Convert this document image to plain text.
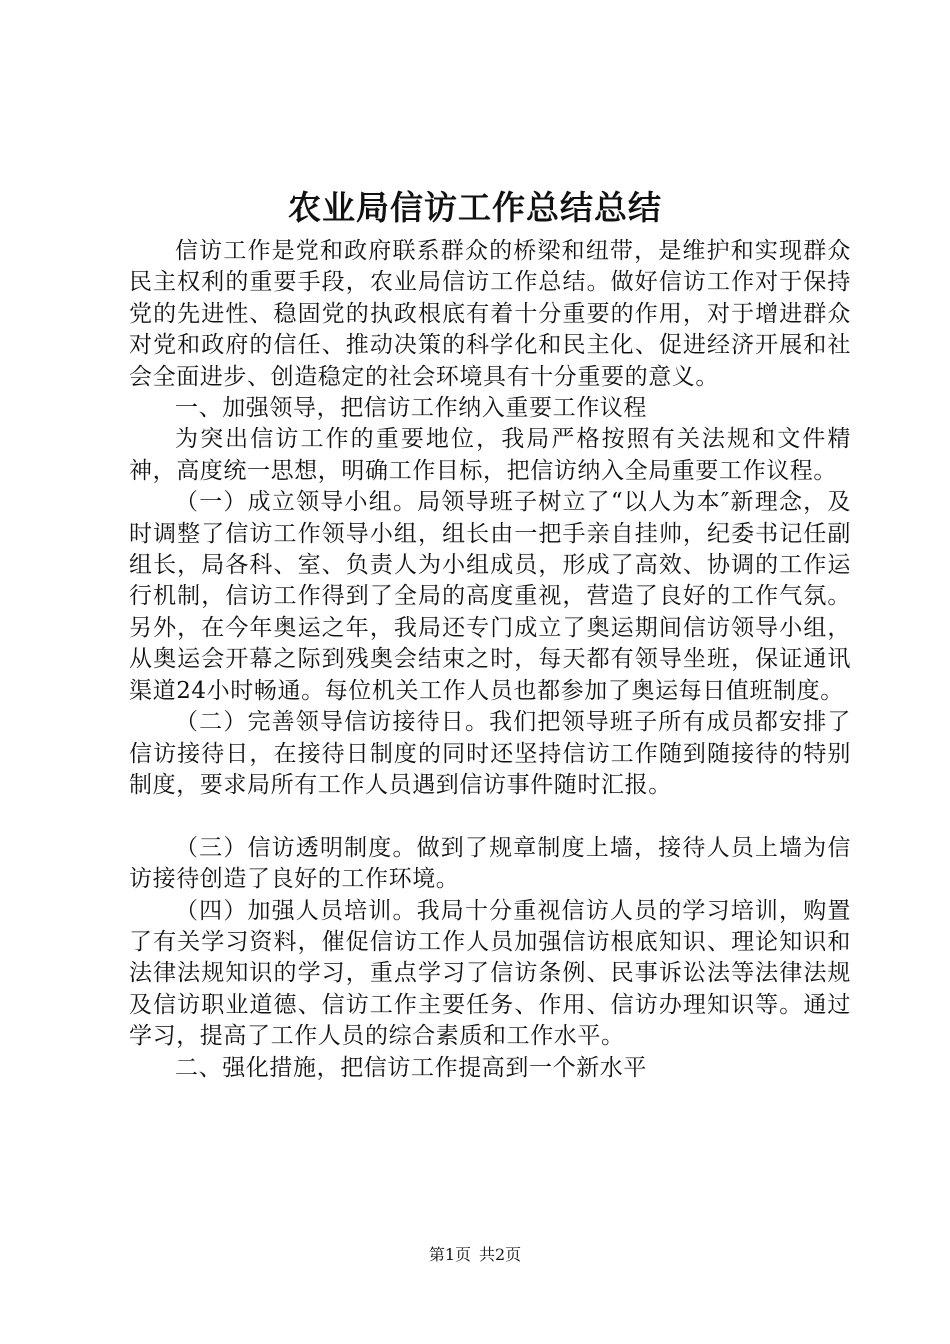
农业局信访工作总结总结

信访工作是党和政府联系群众的桥梁和纽带，是维护和实现群众民主权利的重要手段，农业局信访工作总结。做好信访工作对于保持党的先进性、稳固党的执政根底有着十分重要的作用，对于增进群众对党和政府的信任、推动决策的科学化和民主化、促进经济开展和社会全面进步、创造稳定的社会环境具有十分重要的意义。

一、加强领导，把信访工作纳入重要工作议程

为突出信访工作的重要地位，我局严格按照有关法规和文件精神，高度统一思想，明确工作目标，把信访纳入全局重要工作议程。

（一）成立领导小组。局领导班子树立了“以人为本″新理念，及时调整了信访工作领导小组，组长由一把手亲自挂帅，纪委书记任副组长，局各科、室、负责人为小组成员，形成了高效、协调的工作运行机制，信访工作得到了全局的高度重视，营造了良好的工作气氛。另外，在今年奥运之年，我局还专门成立了奥运期间信访领导小组，从奥运会开幕之际到残奥会结束之时，每天都有领导坐班，保证通讯渠道24小时畅通。每位机关工作人员也都参加了奥运每日值班制度。

（二）完善领导信访接待日。我们把领导班子所有成员都安排了信访接待日，在接待日制度的同时还坚持信访工作随到随接待的特别制度，要求局所有工作人员遇到信访事件随时汇报。

（三）信访透明制度。做到了规章制度上墙，接待人员上墙为信访接待创造了良好的工作环境。

（四）加强人员培训。我局十分重视信访人员的学习培训，购置了有关学习资料，催促信访工作人员加强信访根底知识、理论知识和法律法规知识的学习，重点学习了信访条例、民事诉讼法等法律法规及信访职业道德、信访工作主要任务、作用、信访办理知识等。通过学习，提高了工作人员的综合素质和工作水平。

二、强化措施，把信访工作提高到一个新水平

第1页 共2页
